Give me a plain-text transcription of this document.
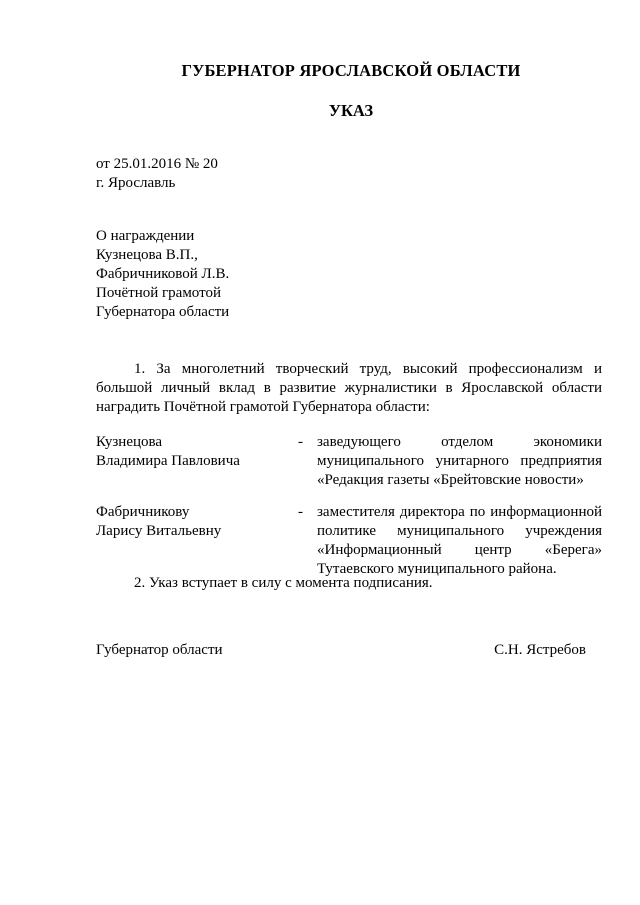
ГУБЕРНАТОР ЯРОСЛАВСКОЙ ОБЛАСТИ
УКАЗ
от 25.01.2016 № 20
г. Ярославль
О награждении
Кузнецова В.П.,
Фабричниковой Л.В.
Почётной грамотой
Губернатора области
1. За многолетний творческий труд, высокий профессионализм и большой личный вклад в развитие журналистики в Ярославской области наградить Почётной грамотой Губернатора области:
Кузнецова
Владимира Павловича
- заведующего отделом экономики
муниципального унитарного предприятия
«Редакция газеты «Брейтовские новости»
Фабричникову
Ларису Витальевну
- заместителя директора по информационной
политике муниципального учреждения
«Информационный центр «Берега»
Тутаевского муниципального района.
2. Указ вступает в силу с момента подписания.
Губернатор области	С.Н. Ястребов
